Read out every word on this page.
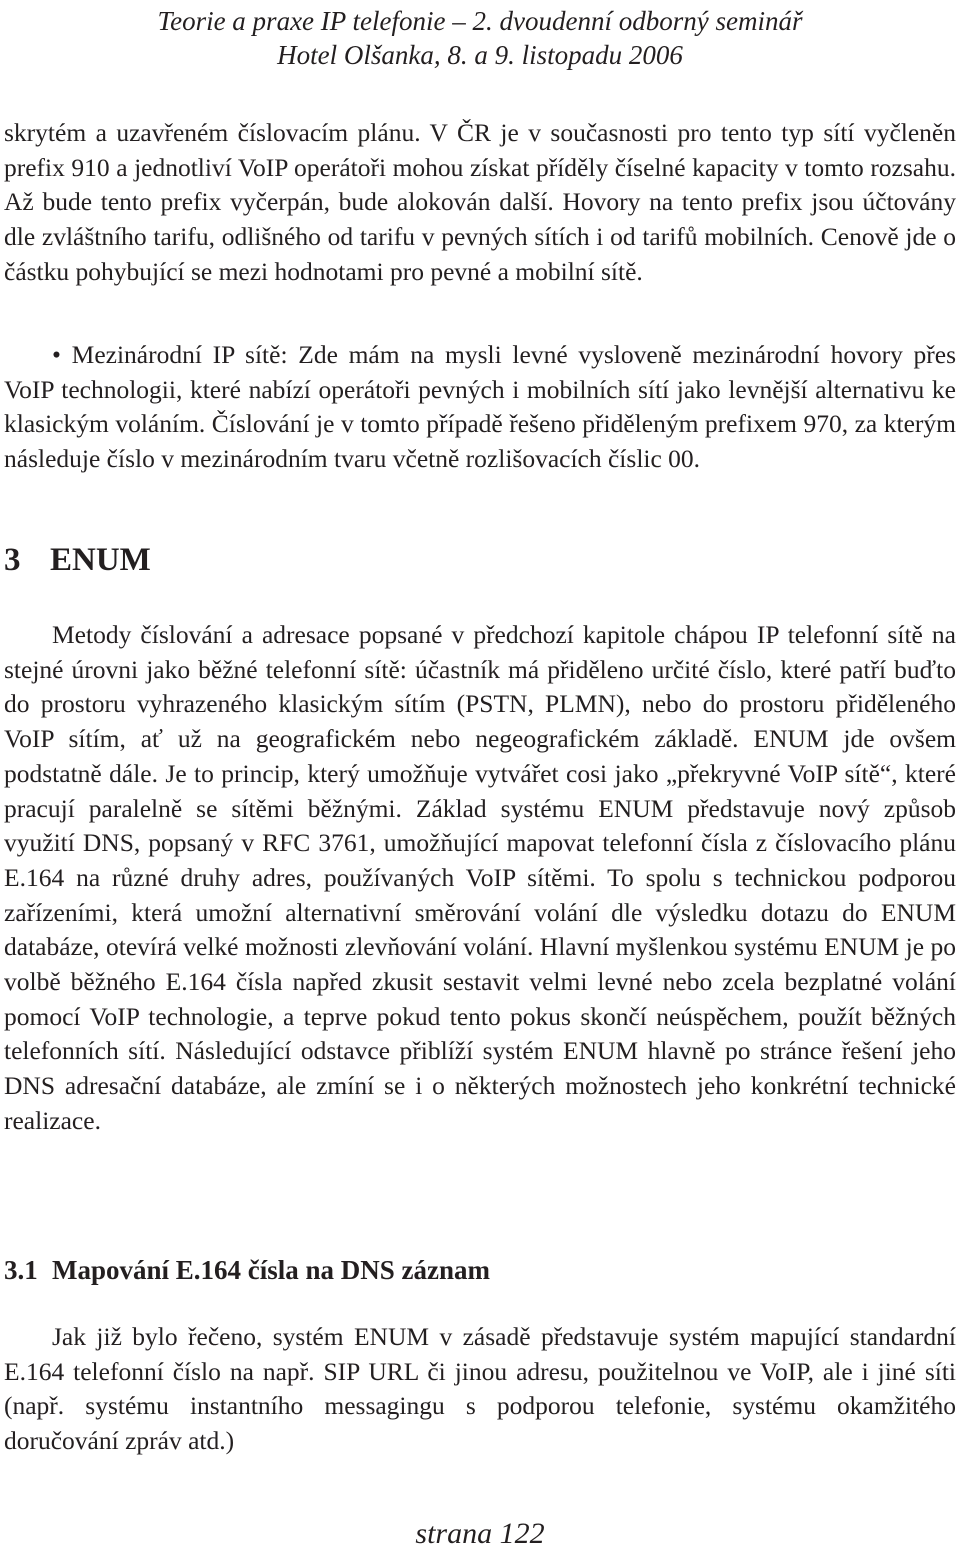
Teorie a praxe IP telefonie – 2. dvoudenní odborný seminář
Hotel Olšanka, 8. a 9. listopadu 2006

skrytém a uzavřeném číslovacím plánu. V ČR je v současnosti pro tento typ sítí vyčleněn prefix 910 a jednotliví VoIP operátoři mohou získat příděly číselné kapacity v tomto rozsahu. Až bude tento prefix vyčerpán, bude alokován další. Hovory na tento prefix jsou účtovány dle zvláštního tarifu, odlišného od tarifu v pevných sítích i od tarifů mobilních. Cenově jde o částku pohybující se mezi hodnotami pro pevné a mobilní sítě.

• Mezinárodní IP sítě: Zde mám na mysli levné vysloveně mezinárodní hovory přes VoIP technologii, které nabízí operátoři pevných i mobilních sítí jako levnější alternativu ke klasickým voláním. Číslování je v tomto případě řešeno přiděleným prefixem 970, za kterým následuje číslo v mezinárodním tvaru včetně rozlišovacích číslic 00.

3 ENUM

Metody číslování a adresace popsané v předchozí kapitole chápou IP telefonní sítě na stejné úrovni jako běžné telefonní sítě: účastník má přiděleno určité číslo, které patří buďto do prostoru vyhrazeného klasickým sítím (PSTN, PLMN), nebo do prostoru přiděleného VoIP sítím, ať už na geografickém nebo negeografickém základě. ENUM jde ovšem podstatně dále. Je to princip, který umožňuje vytvářet cosi jako „překryvné VoIP sítě“, které pracují paralelně se sítěmi běžnými. Základ systému ENUM představuje nový způsob využití DNS, popsaný v RFC 3761, umožňující mapovat telefonní čísla z číslovacího plánu E.164 na různé druhy adres, používaných VoIP sítěmi. To spolu s technickou podporou zařízeními, která umožní alternativní směrování volání dle výsledku dotazu do ENUM databáze, otevírá velké možnosti zlevňování volání. Hlavní myšlenkou systému ENUM je po volbě běžného E.164 čísla napřed zkusit sestavit velmi levné nebo zcela bezplatné volání pomocí VoIP technologie, a teprve pokud tento pokus skončí neúspěchem, použít běžných telefonních sítí. Následující odstavce přiblíží systém ENUM hlavně po stránce řešení jeho DNS adresační databáze, ale zmíní se i o některých možnostech jeho konkrétní technické realizace.

3.1 Mapování E.164 čísla na DNS záznam

Jak již bylo řečeno, systém ENUM v zásadě představuje systém mapující standardní E.164 telefonní číslo na např. SIP URL či jinou adresu, použitelnou ve VoIP, ale i jiné síti (např. systému instantního messagingu s podporou telefonie, systému okamžitého doručování zpráv atd.)

strana 122
